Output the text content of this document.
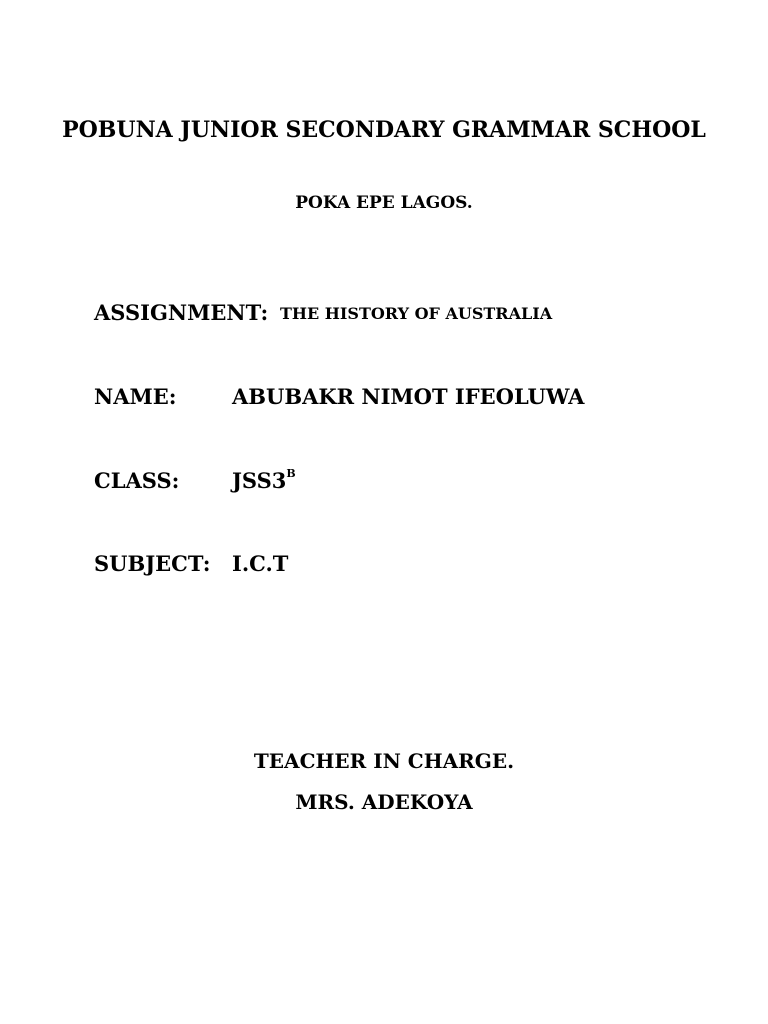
POBUNA JUNIOR SECONDARY GRAMMAR SCHOOL
POKA EPE LAGOS.
ASSIGNMENT: THE HISTORY OF AUSTRALIA
NAME:	ABUBAKR NIMOT IFEOLUWA
CLASS:	$JSS3^B$
SUBJECT: I.C.T
TEACHER IN CHARGE.
MRS. ADEKOYA
